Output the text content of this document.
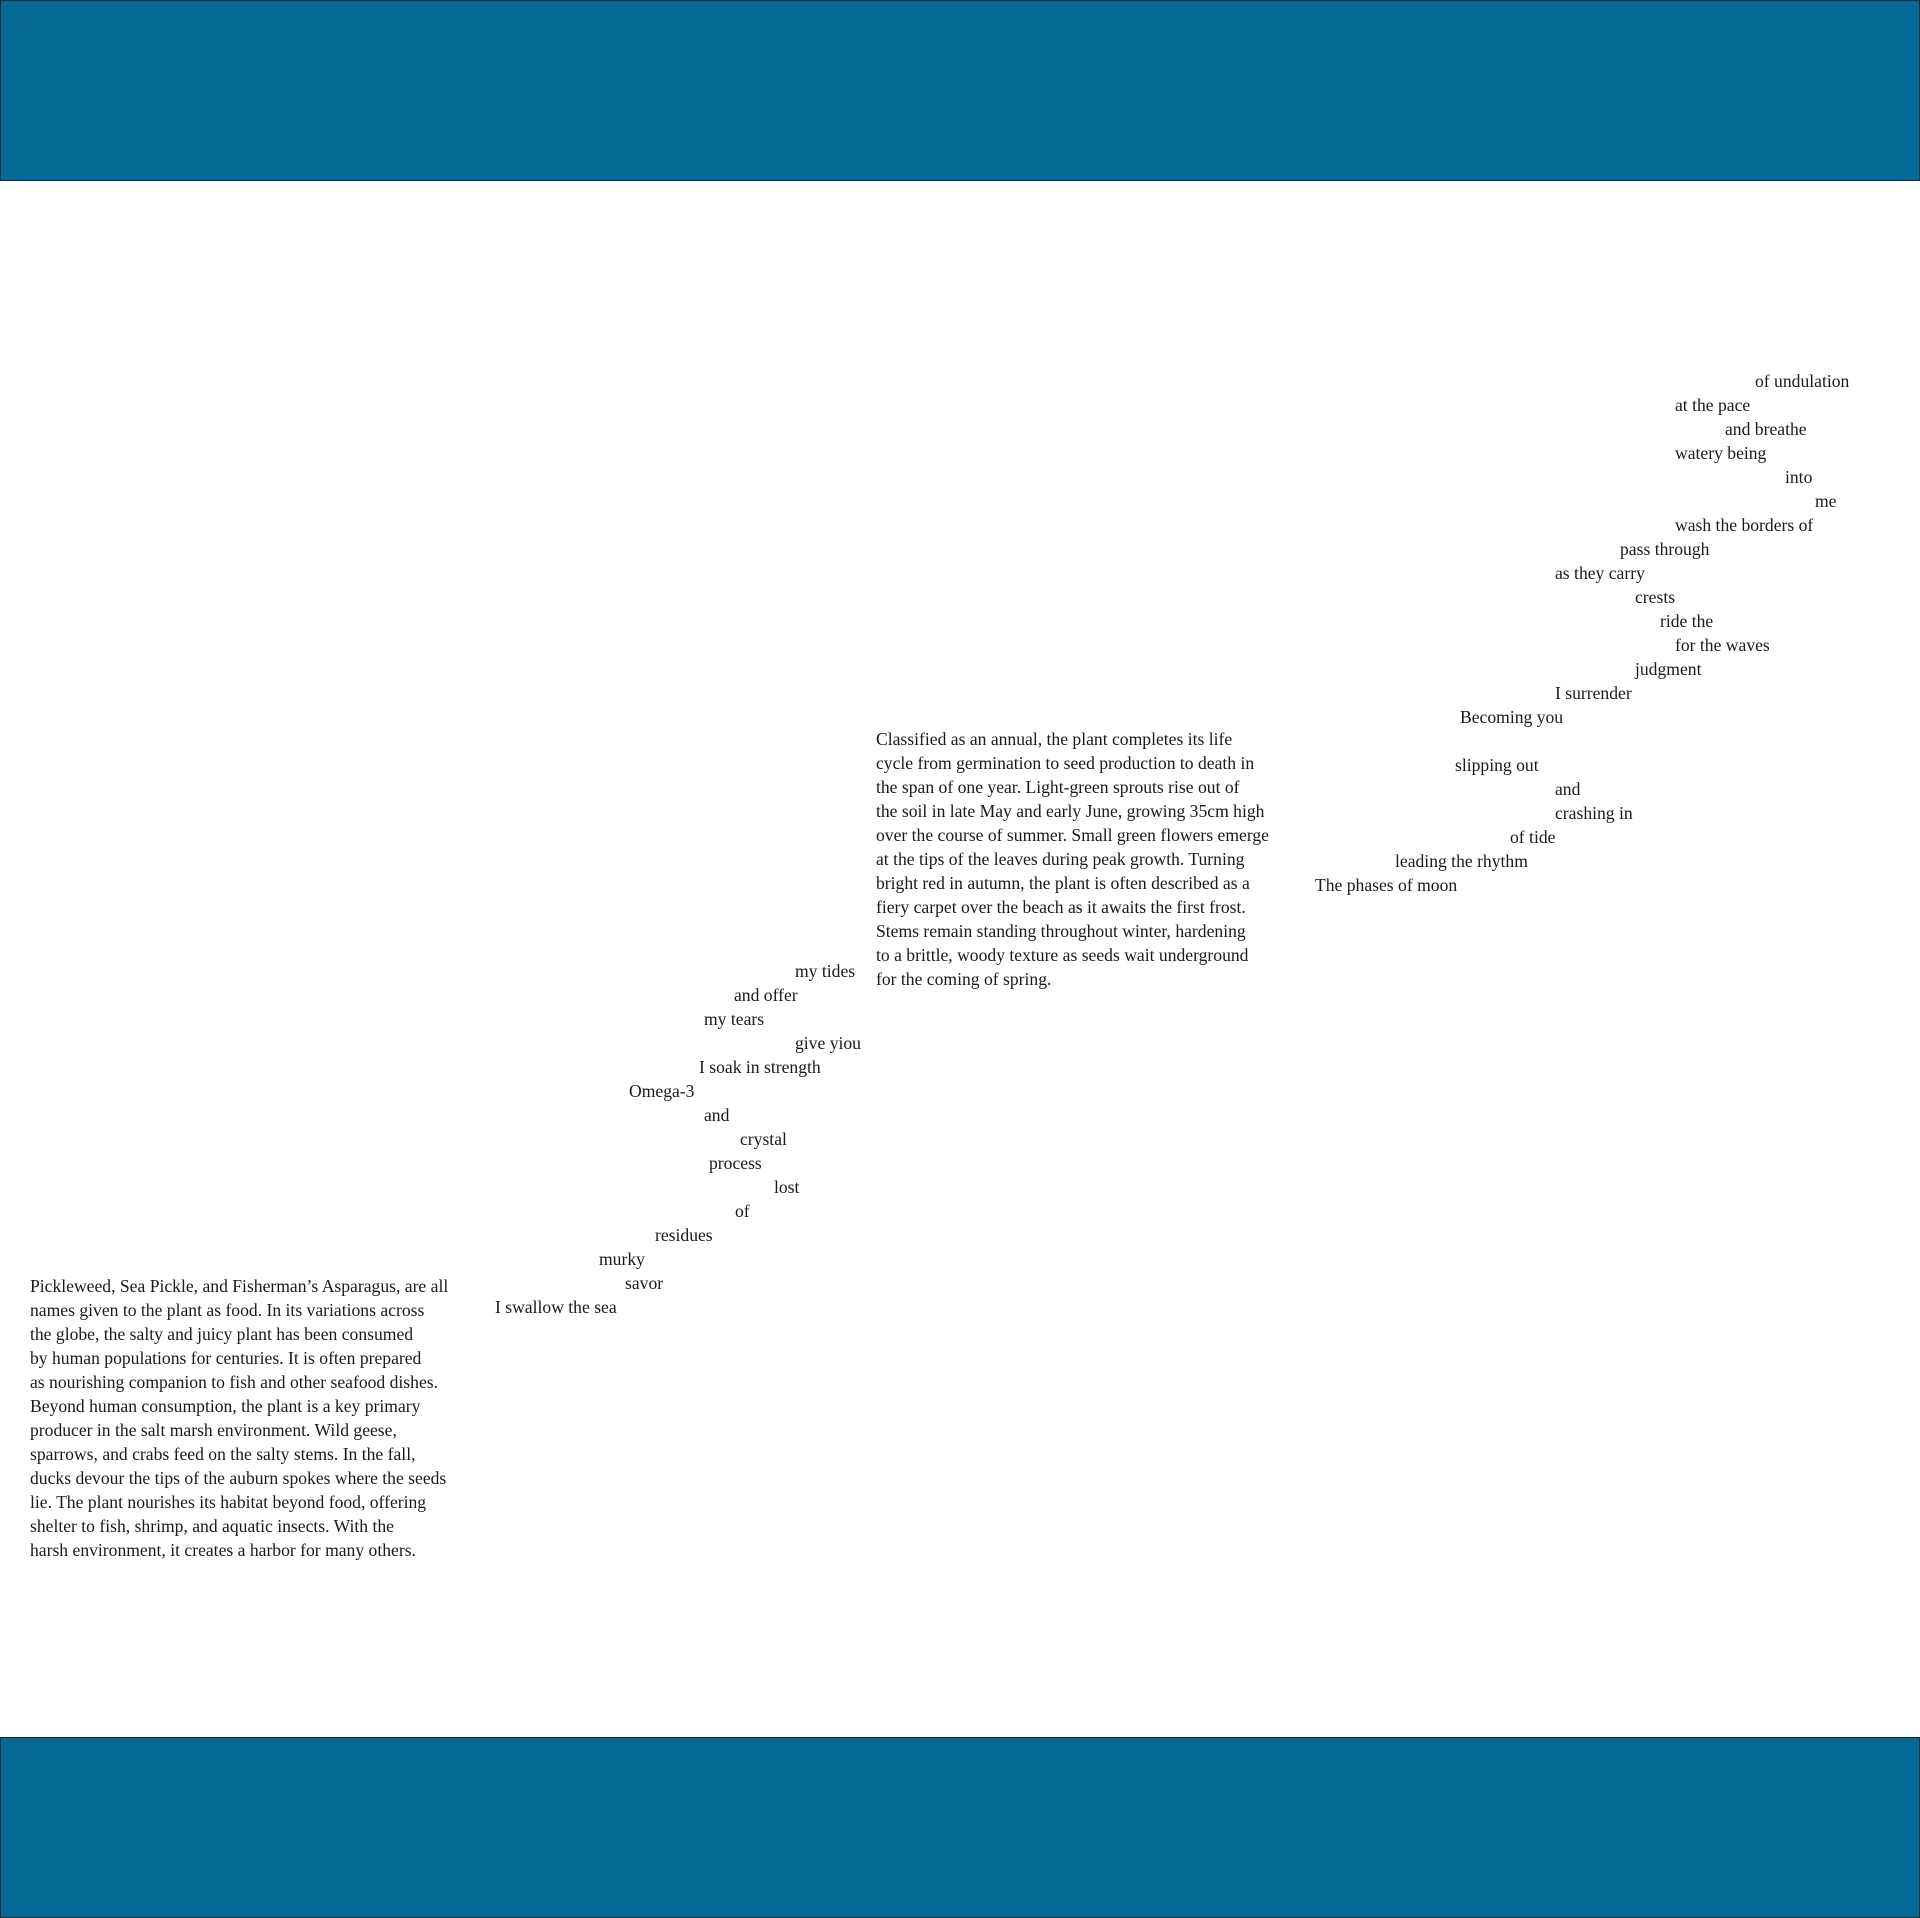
Pickleweed, Sea Pickle, and Fisherman’s Asparagus, are all
names given to the plant as food. In its variations across
the globe, the salty and juicy plant has been consumed
by human populations for centuries. It is often prepared
as nourishing companion to fish and other seafood dishes.
Beyond human consumption, the plant is a key primary
producer in the salt marsh environment. Wild geese,
sparrows, and crabs feed on the salty stems. In the fall,
ducks devour the tips of the auburn spokes where the seeds
lie. The plant nourishes its habitat beyond food, offering
shelter to fish, shrimp, and aquatic insects. With the
harsh environment, it creates a harbor for many others.
Classified as an annual, the plant completes its life
cycle from germination to seed production to death in
the span of one year. Light-green sprouts rise out of
the soil in late May and early June, growing 35cm high
over the course of summer. Small green flowers emerge
at the tips of the leaves during peak growth. Turning
bright red in autumn, the plant is often described as a
fiery carpet over the beach as it awaits the first frost.
Stems remain standing throughout winter, hardening
to a brittle, woody texture as seeds wait underground
for the coming of spring.

my tides

and offer

my tears

give yiou

I soak in strength

Omega-3

and

crystal

process

lost

of

residues

murky

savor

I swallow the sea

of undulation

at the pace

and breathe

watery being

into

me

wash the borders of

pass through

as they carry

crests

ride the

for the waves

judgment

I surrender

Becoming you

slipping out

and

crashing in

of tide

leading the rhythm

The phases of moon
